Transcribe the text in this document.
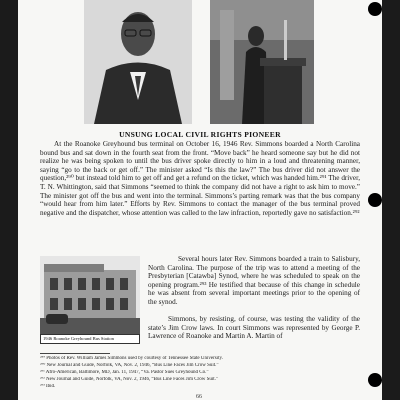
UNSUNG LOCAL CIVIL RIGHTS PIONEER

At the Roanoke Greyhound bus terminal on October 16, 1946 Rev. Simmons boarded a North Carolina bound bus and sat down in the fourth seat from the front. “Move back” he heard someone say but he did not realize he was being spoken to until the bus driver spoke directly to him in a loud and threatening manner, saying “go to the back or get off.” The minister asked “Is this the law?” The bus driver did not answer the question,²⁹⁰ but instead told him to get off and get a refund on the ticket, which was handed him.²⁹¹ The driver, T. N. Whittington, said that Simmons “seemed to think the company did not have a right to ask him to move.” The minister got off the bus and went into the terminal. Simmons’s parting remark was that the bus company “would hear from him later.” Efforts by Rev. Simmons to contact the manager of the bus terminal proved negative and the dispatcher, whose attention was called to the law infraction, reportedly gave no satisfaction.²⁹²

1946 Roanoke Greyhound Bus Station

Several hours later Rev. Simmons boarded a train to Salisbury, North Carolina. The purpose of the trip was to attend a meeting of the Presbyterian [Catawba] Synod, where he was scheduled to speak on the opening program.²⁹³ He testified that because of this change in schedule he was absent from several important meetings prior to the opening of the synod.

Simmons, by resisting, of course, was testing the validity of the state’s Jim Crow laws. In court Simmons was represented by George P. Lawrence of Roanoke and Martin A. Martin of

²⁸⁹ Photos of Rev. William James Simmons used by courtesy of Tennessee State University.

²⁹⁰ New Journal and Guide, Norfolk, VA, Nov. 2, 1946, “Bus Line Faces Jim Crow Suit.”

²⁹¹ Afro-American, Baltimore, MD, Jan. 11, 1947, “Va. Pastor Sues Greyhound Co.”

²⁹² New Journal and Guide, Norfolk, VA, Nov. 2, 1946, “Bus Line Faces Jim Crow Suit.”

²⁹³ Ibid.

66
